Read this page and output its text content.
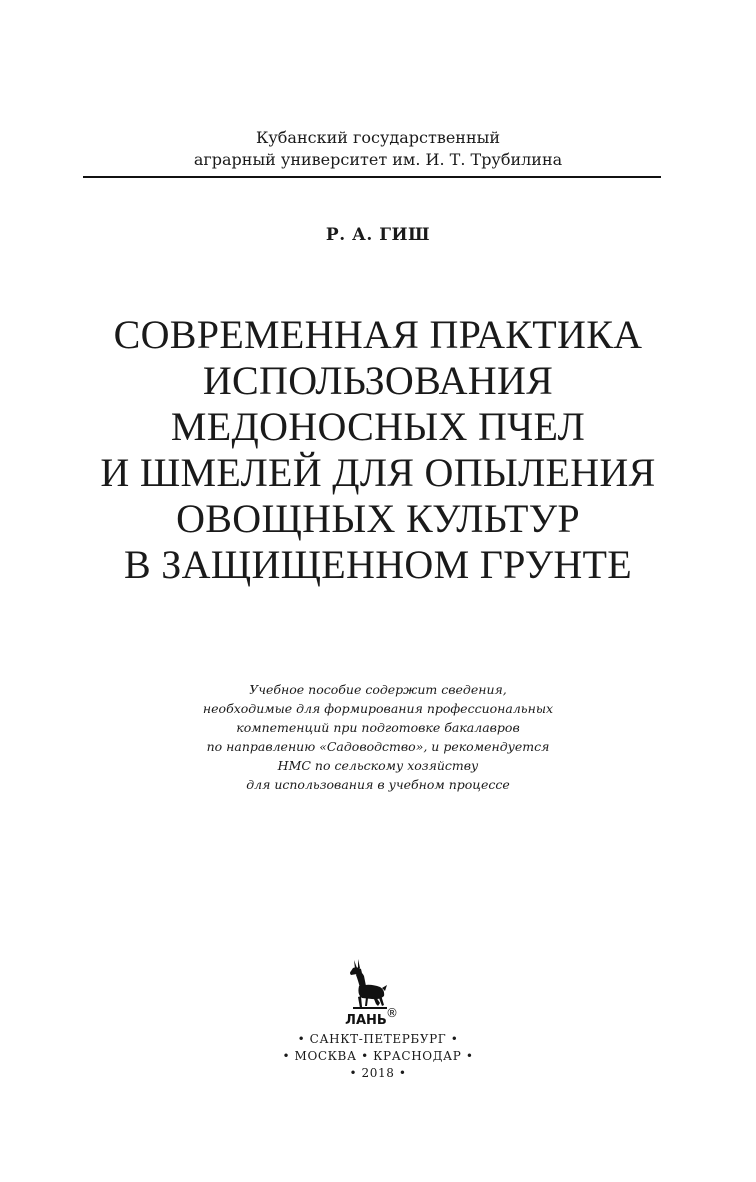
Кубанский государственный
аграрный университет им. И. Т. Трубилина
Р. А. ГИШ
СОВРЕМЕННАЯ ПРАКТИКА
ИСПОЛЬЗОВАНИЯ
МЕДОНОСНЫХ ПЧЕЛ
И ШМЕЛЕЙ ДЛЯ ОПЫЛЕНИЯ
ОВОЩНЫХ КУЛЬТУР
В ЗАЩИЩЕННОМ ГРУНТЕ
Учебное пособие содержит сведения,
необходимые для формирования профессиональных
компетенций при подготовке бакалавров
по направлению «Садоводство», и рекомендуется
НМС по сельскому хозяйству
для использования в учебном процессе
ЛАНЬ ®
• САНКТ-ПЕТЕРБУРГ •
• МОСКВА • КРАСНОДАР •
• 2018 •
